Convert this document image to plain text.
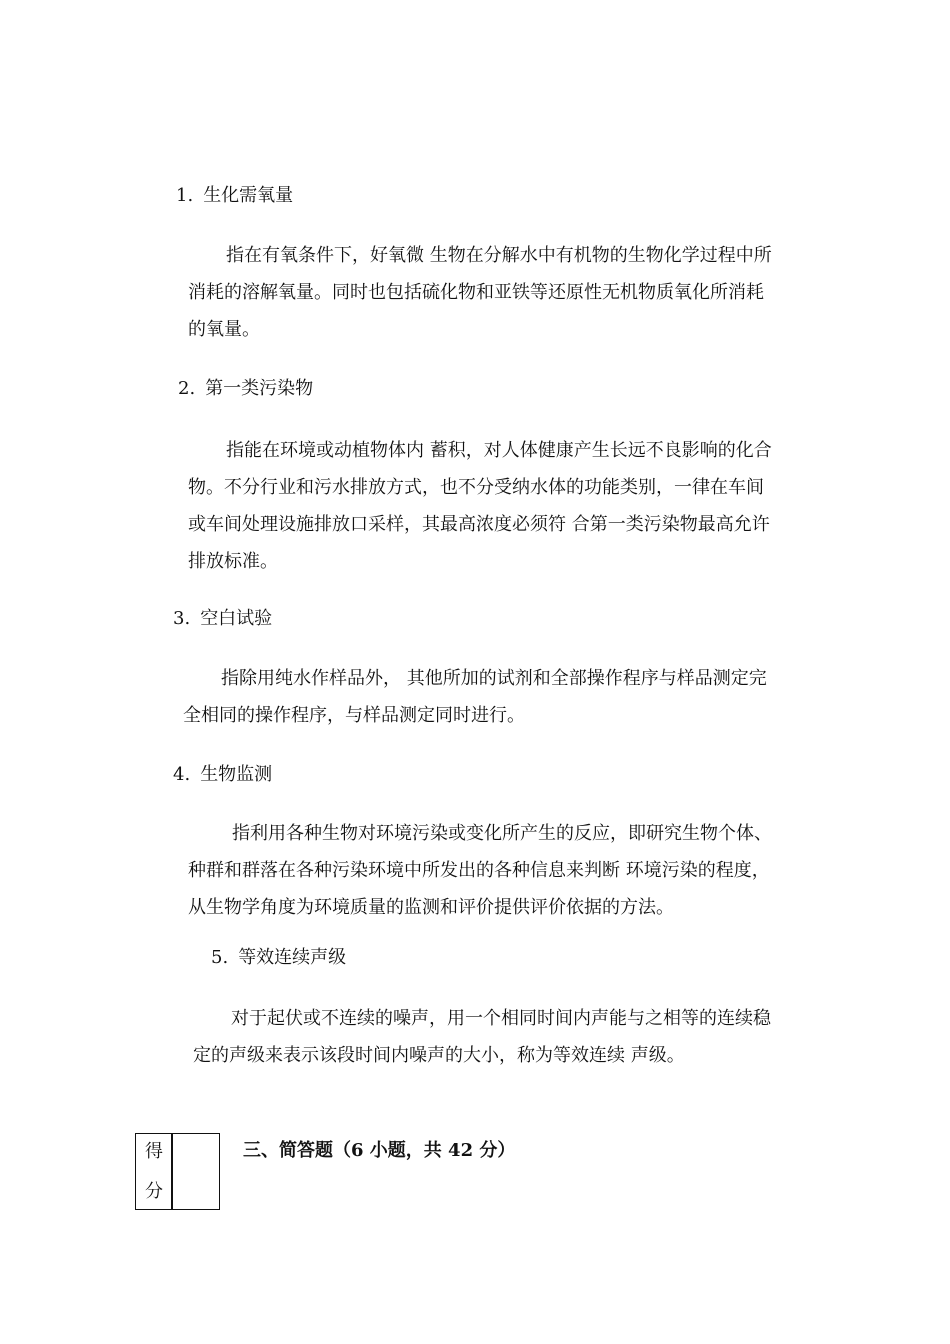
1. 生化需氧量
指在有氧条件下，好氧微 生物在分解水中有机物的生物化学过程中所
消耗的溶解氧量。同时也包括硫化物和亚铁等还原性无机物质氧化所消耗
的氧量。
2. 第一类污染物
指能在环境或动植物体内 蓄积，对人体健康产生长远不良影响的化合
物。不分行业和污水排放方式，也不分受纳水体的功能类别，一律在车间
或车间处理设施排放口采样，其最高浓度必须符 合第一类污染物最高允许
排放标准。
3. 空白试验
指除用纯水作样品外， 其他所加的试剂和全部操作程序与样品测定完
全相同的操作程序，与样品测定同时进行。
4. 生物监测
指利用各种生物对环境污染或变化所产生的反应，即研究生物个体、
种群和群落在各种污染环境中所发出的各种信息来判断 环境污染的程度，
从生物学角度为环境质量的监测和评价提供评价依据的方法。
5. 等效连续声级
对于起伏或不连续的噪声，用一个相同时间内声能与之相等的连续稳
定的声级来表示该段时间内噪声的大小，称为等效连续 声级。
得
分
三、简答题（6 小题，共 42 分）
